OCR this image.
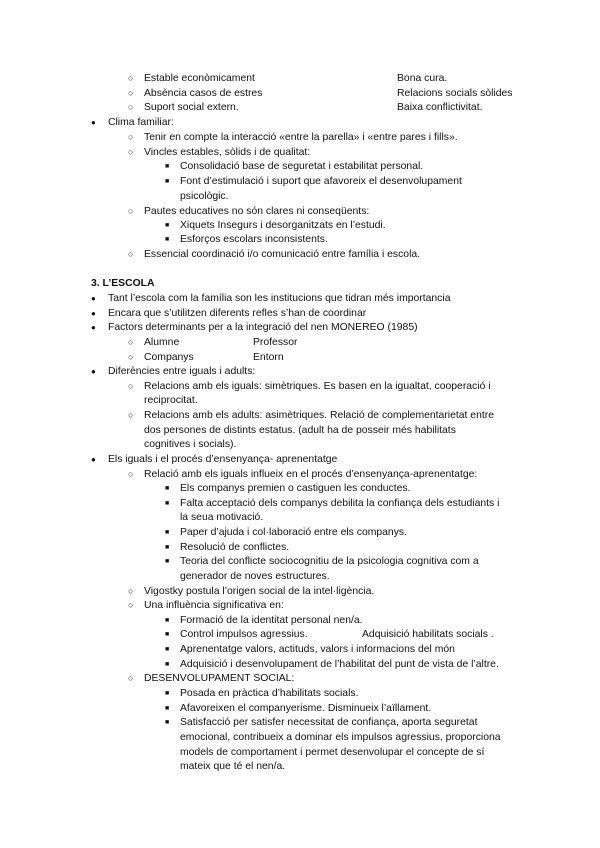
○ Estable econòmicament	Bona cura.
○ Absència casos de estres	Relacions socials sòlides
○ Suport social extern.	Baixa conflictivitat.
● Clima familiar:
○ Tenir en compte la interacció «entre la parella» i «entre pares i fills».
○ Vincles estables, sòlids i de qualitat:
■ Consolidació base de seguretat i estabilitat personal.
■ Font d’estimulació i suport que afavoreix el desenvolupament
psicològic.
○ Pautes educatives no són clares ni conseqüents:
■ Xiquets Insegurs i desorganitzats en l’estudi.
■ Esforços escolars inconsistents.
○ Essencial coordinació i/o comunicació entre família i escola.
3. L’ESCOLA
● Tant l’escola com la família son les institucions que tidran més importancia
● Encara que s’utilitzen diferents refles s’han de coordinar
● Factors determinants per a la integració del nen MONEREO (1985)
○ Alumne	Professor
○ Companys	Entorn
● Diferències entre iguals i adults:
○ Relacions amb els iguals: simètriques. Es basen en la igualtat, cooperació i
reciprocitat.
○ Relacions amb els adults: asimètriques. Relació de complementarietat entre
dos persones de distints estatus. (adult ha de posseir més habilitats
cognitives i socials).
● Els iguals i el procés d’ensenyança- aprenentatge
○ Relació amb els iguals influeix en el procés d’ensenyança-aprenentatge:
■ Els companys premien o castiguen les conductes.
■ Falta acceptació dels companys debilita la confiança dels estudiants i
la seua motivació.
■ Paper d’ajuda i col·laboració entre els companys.
■ Resolució de conflictes.
■ Teoria del conflicte sociocognitiu de la psicologia cognitiva com a
generador de noves estructures.
○ Vigostky postula l’origen social de la intel·ligència.
○ Una influència significativa en:
■ Formació de la identitat personal nen/a.
■ Control impulsos agressius.	Adquisició habilitats socials .
■ Aprenentatge valors, actituds, valors i informacions del món
■ Adquisició i desenvolupament de l’habilitat del punt de vista de l’altre.
○ DESENVOLUPAMENT SOCIAL:
■ Posada en pràctica d’habilitats socials.
■ Afavoreixen el companyerisme. Disminueix l’aïllament.
■ Satisfacció per satisfer necessitat de confiança, aporta seguretat
emocional, contribueix a dominar els impulsos agressius, proporciona
models de comportament i permet desenvolupar el concepte de sí
mateix que té el nen/a.
